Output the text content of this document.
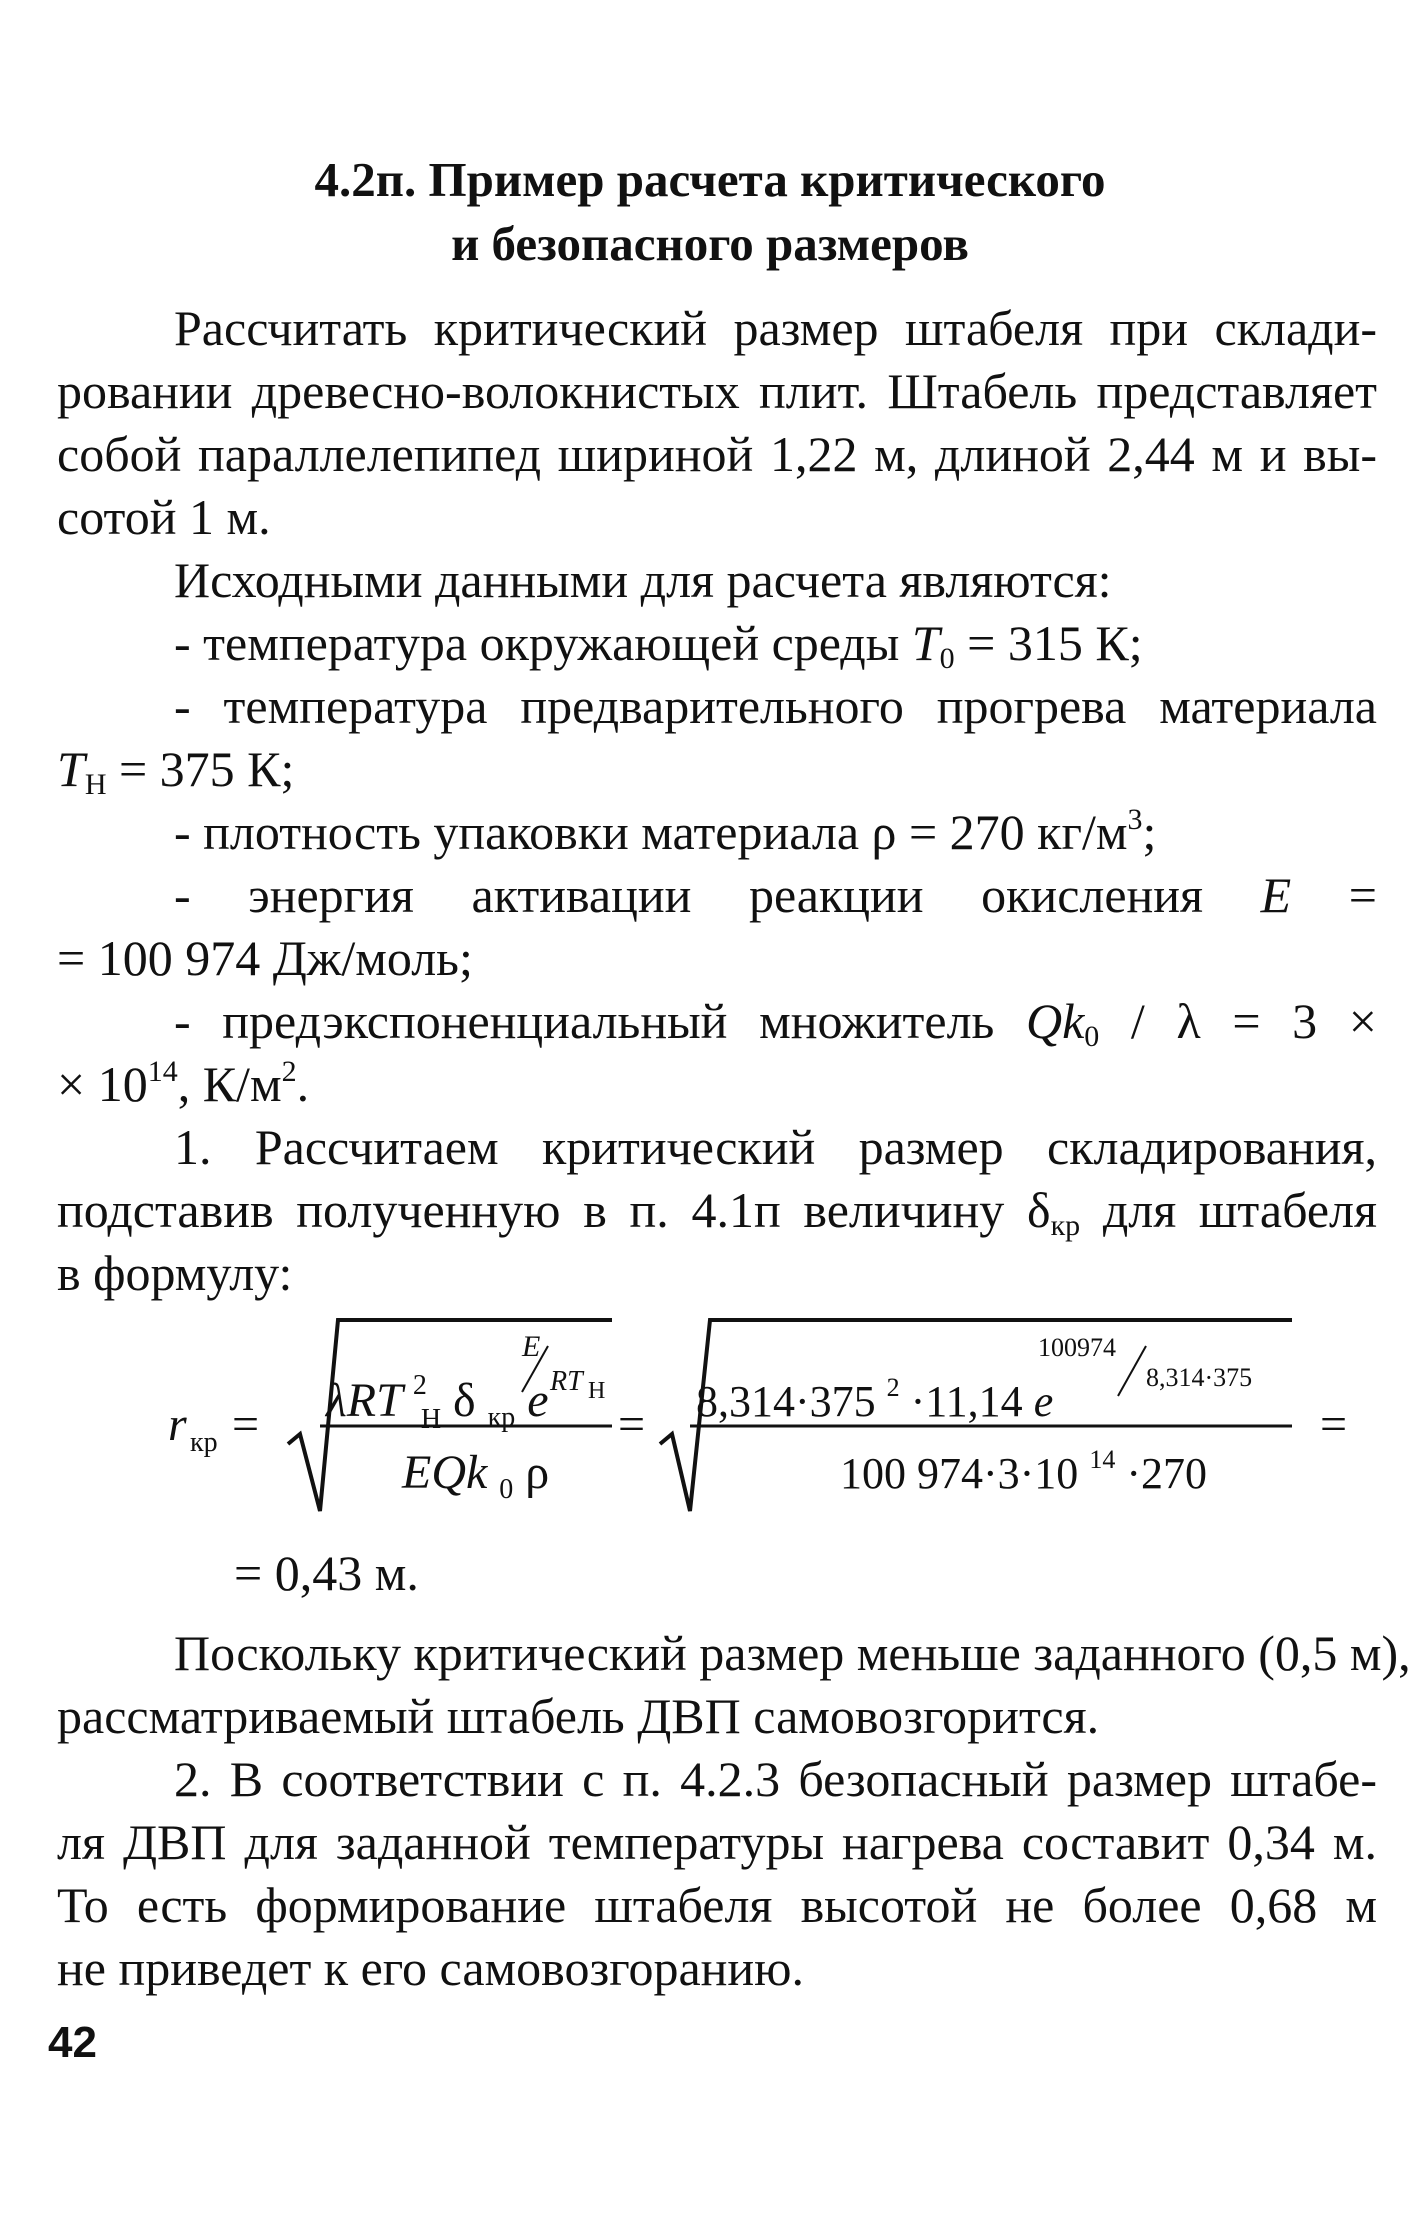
4.2п. Пример расчета критического
и безопасного размеров
Рассчитать критический размер штабеля при склади-
ровании древесно-волокнистых плит. Штабель представляет
собой параллелепипед шириной 1,22 м, длиной 2,44 м и вы-
сотой 1 м.
Исходными данными для расчета являются:
- температура окружающей среды $T_0 = 315$ К;
- температура предварительного прогрева материала
$T_H = 375$ К;
- плотность упаковки материала ρ = 270 $кг/м^3$;
- энергия активации реакции окисления E =
= 100 974 Дж/моль;
- предэкспоненциальный множитель $Qk_0 / \lambda = 3$ ×
× $10^{14}$, $К/м^2$.
1. Рассчитаем критический размер складирования,
подставив полученную в п. 4.1п величину $\delta_{кр}$ для штабеля
в формулу:
r кр = λRT 2 H δ $_{кр}$ e
E
RT H
EQk $_0$ ρ
= 8,314·375 $^2$ ·11,14 e
100974
8,314·375
100 974·3·10 $^{14}$ ·270
=
= 0,43 м.
Поскольку критический размер меньше заданного (0,5 м),
рассматриваемый штабель ДВП самовозгорится.
2. В соответствии с п. 4.2.3 безопасный размер штабе-
ля ДВП для заданной температуры нагрева составит 0,34 м.
То есть формирование штабеля высотой не более 0,68 м
не приведет к его самовозгоранию.
42
